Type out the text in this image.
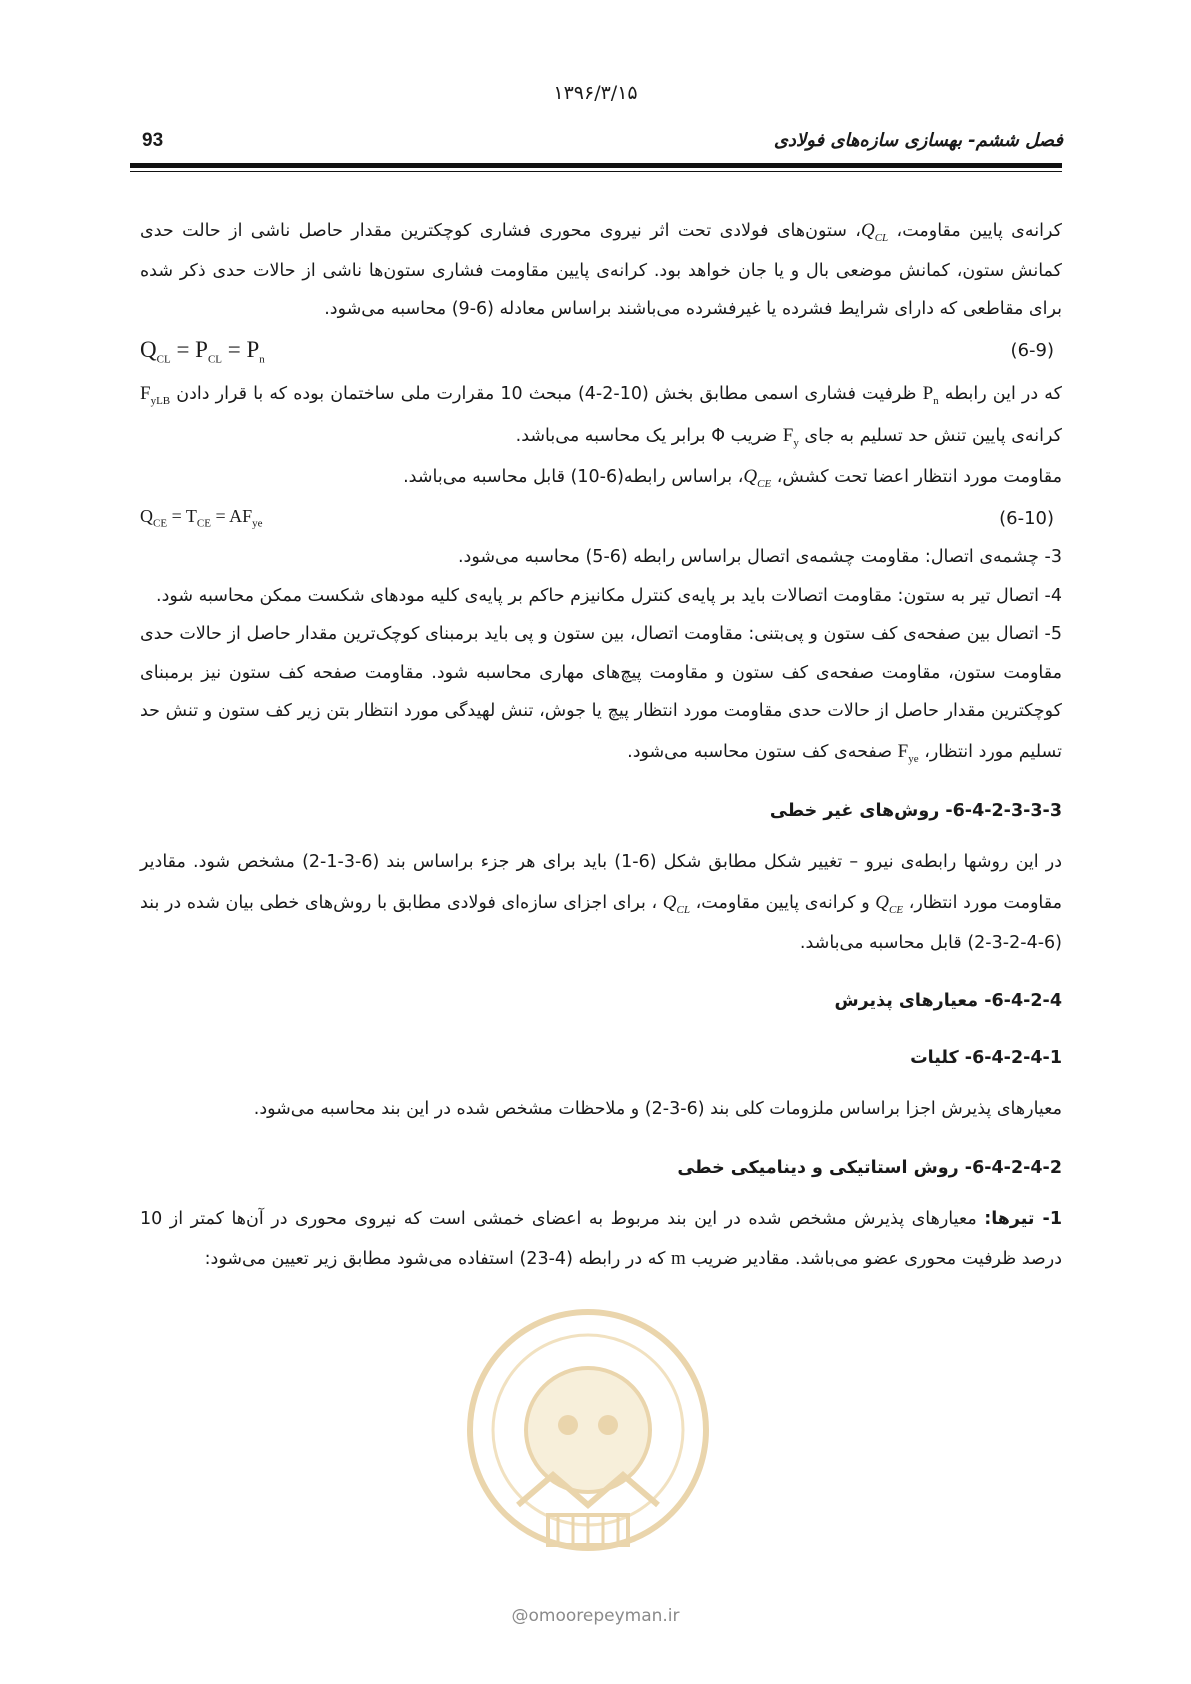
۱۳۹۶/۳/۱۵
93	فصل ششم- بهسازی سازه‌های فولادی

کرانه‌ی پایین مقاومت، $Q_{CL}،$ ستون‌های فولادی تحت اثر نیروی محوری فشاری کوچکترین مقدار حاصل ناشی از حالت حدی کمانش ستون، کمانش موضعی بال و یا جان خواهد بود. کرانه‌ی پایین مقاومت فشاری ستون‌ها ناشی از حالات حدی ذکر شده برای مقاطعی که دارای شرایط فشرده یا غیرفشرده می‌باشند براساس معادله (6-9) محاسبه می‌شود.

$Q_{CL} = P_{CL} = P_n$	(6-9)

که در این رابطه $P_n$ ظرفیت فشاری اسمی مطابق بخش (10-2-4) مبحث 10 مقرارت ملی ساختمان بوده که با قرار دادن $F_{yLB}$ کرانه‌ی پایین تنش حد تسلیم به جای $F_y$ ضریب Φ برابر یک محاسبه می‌باشد.

مقاومت مورد انتظار اعضا تحت کشش، $Q_{CE}،$ براساس رابطه(6-10) قابل محاسبه می‌باشد.

$Q_{CE} = T_{CE} = AF_{ye}$	(6-10)

3- چشمه‌ی اتصال: مقاومت چشمه‌ی اتصال براساس رابطه (6-5) محاسبه می‌شود.

4- اتصال تیر به ستون: مقاومت اتصالات باید بر پایه‌ی کنترل مکانیزم حاکم بر پایه‌ی کلیه مودهای شکست ممکن محاسبه شود.

5- اتصال بین صفحه‌ی کف ستون و پی‌بتنی: مقاومت اتصال، بین ستون و پی باید برمبنای کوچک‌ترین مقدار حاصل از حالات حدی مقاومت ستون، مقاومت صفحه‌ی کف ستون و مقاومت پیچ‌های مهاری محاسبه شود. مقاومت صفحه کف ستون نیز برمبنای کوچکترین مقدار حاصل از حالات حدی مقاومت مورد انتظار پیچ یا جوش، تنش لهیدگی مورد انتظار بتن زیر کف ستون و تنش حد تسلیم مورد انتظار، $F_{ye}$ صفحه‌ی کف ستون محاسبه می‌شود.

6-4-2-3-3-3- روش‌های غیر خطی

در این روشها رابطه‌ی نیرو – تغییر شکل مطابق شکل (6-1) باید برای هر جزء براساس بند (6-3-1-2) مشخص شود. مقادیر مقاومت مورد انتظار، $Q_{CE}$ و کرانه‌ی پایین مقاومت، $Q_{CL}$ ، برای اجزای سازه‌ای فولادی مطابق با روش‌های خطی بیان شده در بند (6-4-2-3-2) قابل محاسبه می‌باشد.

6-4-2-4- معیارهای پذیرش
6-4-2-4-1- کلیات

معیارهای پذیرش اجزا براساس ملزومات کلی بند (6-3-2) و ملاحظات مشخص شده در این بند محاسبه می‌شود.

6-4-2-4-2- روش استاتیکی و دینامیکی خطی

1- تیرها: معیارهای پذیرش مشخص شده در این بند مربوط به اعضای خمشی است که نیروی محوری در آن‌ها کمتر از 10 درصد ظرفیت محوری عضو می‌باشد. مقادیر ضریب m که در رابطه (4-23) استفاده می‌شود مطابق زیر تعیین می‌شود:

@omoorepeyman.ir
